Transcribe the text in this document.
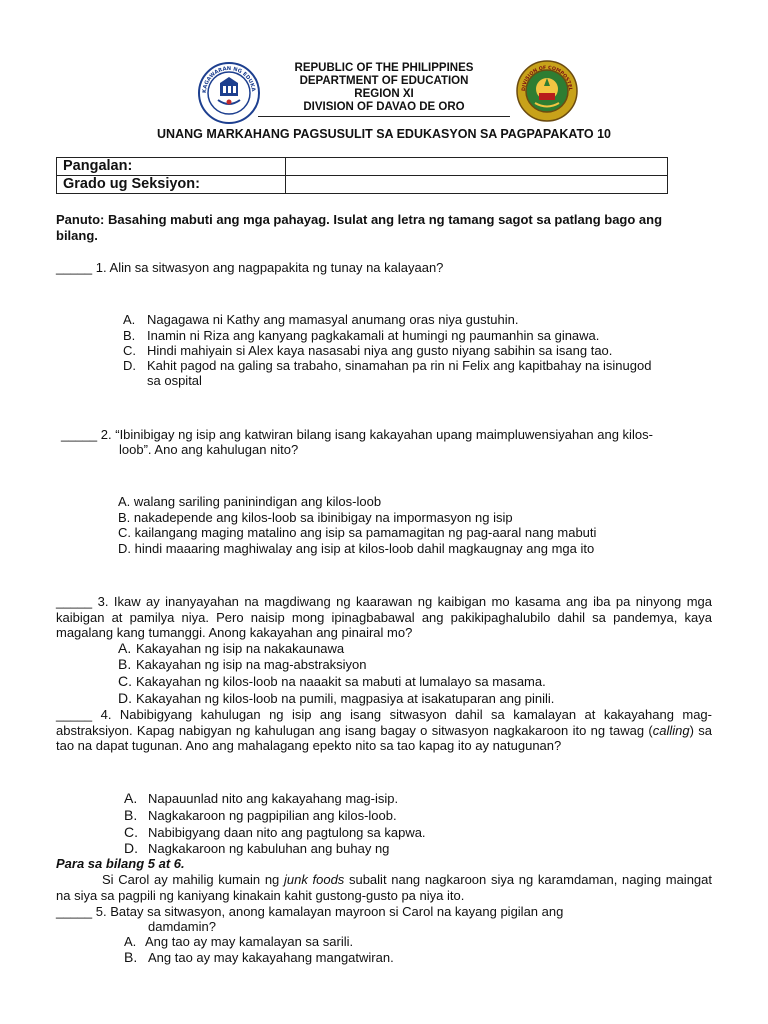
KAGAWARAN NG EDUKA	DIVISION OF COMPOSTEL
REPUBLIC OF THE PHILIPPINES
DEPARTMENT OF EDUCATION
REGION XI
DIVISION OF DAVAO DE ORO
UNANG MARKAHANG PAGSUSULIT SA EDUKASYON SA PAGPAPAKATO 10
Pangalan:	
Grado ug Seksiyon:	
Panuto: Basahing mabuti ang mga pahayag. Isulat ang letra ng tamang sagot sa patlang bago ang bilang.
_____ 1. Alin sa sitwasyon ang nagpapakita ng tunay na kalayaan?
A. Nagagawa ni Kathy ang mamasyal anumang oras niya gustuhin.
B. Inamin ni Riza ang kanyang pagkakamali at humingi ng paumanhin sa ginawa.
C. Hindi mahiyain si Alex kaya nasasabi niya ang gusto niyang sabihin sa isang tao.
D. Kahit pagod na galing sa trabaho, sinamahan pa rin ni Felix ang kapitbahay na isinugod
sa ospital
_____ 2. “Ibinibigay ng isip ang katwiran bilang isang kakayahan upang maimpluwensiyahan ang kilos-
loob”. Ano ang kahulugan nito?
A. walang sariling paninindigan ang kilos-loob
B. nakadepende ang kilos-loob sa ibinibigay na impormasyon ng isip
C. kailangang maging matalino ang isip sa pamamagitan ng pag-aaral nang mabuti
D. hindi maaaring maghiwalay ang isip at kilos-loob dahil magkaugnay ang mga ito
_____ 3. Ikaw ay inanyayahan na magdiwang ng kaarawan ng kaibigan mo kasama ang iba pa ninyong mga kaibigan at pamilya niya. Pero naisip mong ipinagbabawal ang pakikipaghalubilo dahil sa pandemya, kaya magalang kang tumanggi. Anong kakayahan ang pinairal mo?
A. Kakayahan ng isip na nakakaunawa
B. Kakayahan ng isip na mag-abstraksiyon
C. Kakayahan ng kilos-loob na naaakit sa mabuti at lumalayo sa masama.
D. Kakayahan ng kilos-loob na pumili, magpasiya at isakatuparan ang pinili.
_____ 4. Nabibigyang kahulugan ng isip ang isang sitwasyon dahil sa kamalayan at kakayahang mag-abstraksiyon. Kapag nabigyan ng kahulugan ang isang bagay o sitwasyon nagkakaroon ito ng tawag (calling) sa tao na dapat tugunan. Ano ang mahalagang epekto nito sa tao kapag ito ay natugunan?
A. Napauunlad nito ang kakayahang mag-isip.
B. Nagkakaroon ng pagpipilian ang kilos-loob.
C. Nabibigyang daan nito ang pagtulong sa kapwa.
D. Nagkakaroon ng kabuluhan ang buhay ng
Para sa bilang 5 at 6.
Si Carol ay mahilig kumain ng junk foods subalit nang nagkaroon siya ng karamdaman, naging maingat na siya sa pagpili ng kaniyang kinakain kahit gustong-gusto pa niya ito.
_____ 5. Batay sa sitwasyon, anong kamalayan mayroon si Carol na kayang pigilan ang
damdamin?
A. Ang tao ay may kamalayan sa sarili.
B. Ang tao ay may kakayahang mangatwiran.
